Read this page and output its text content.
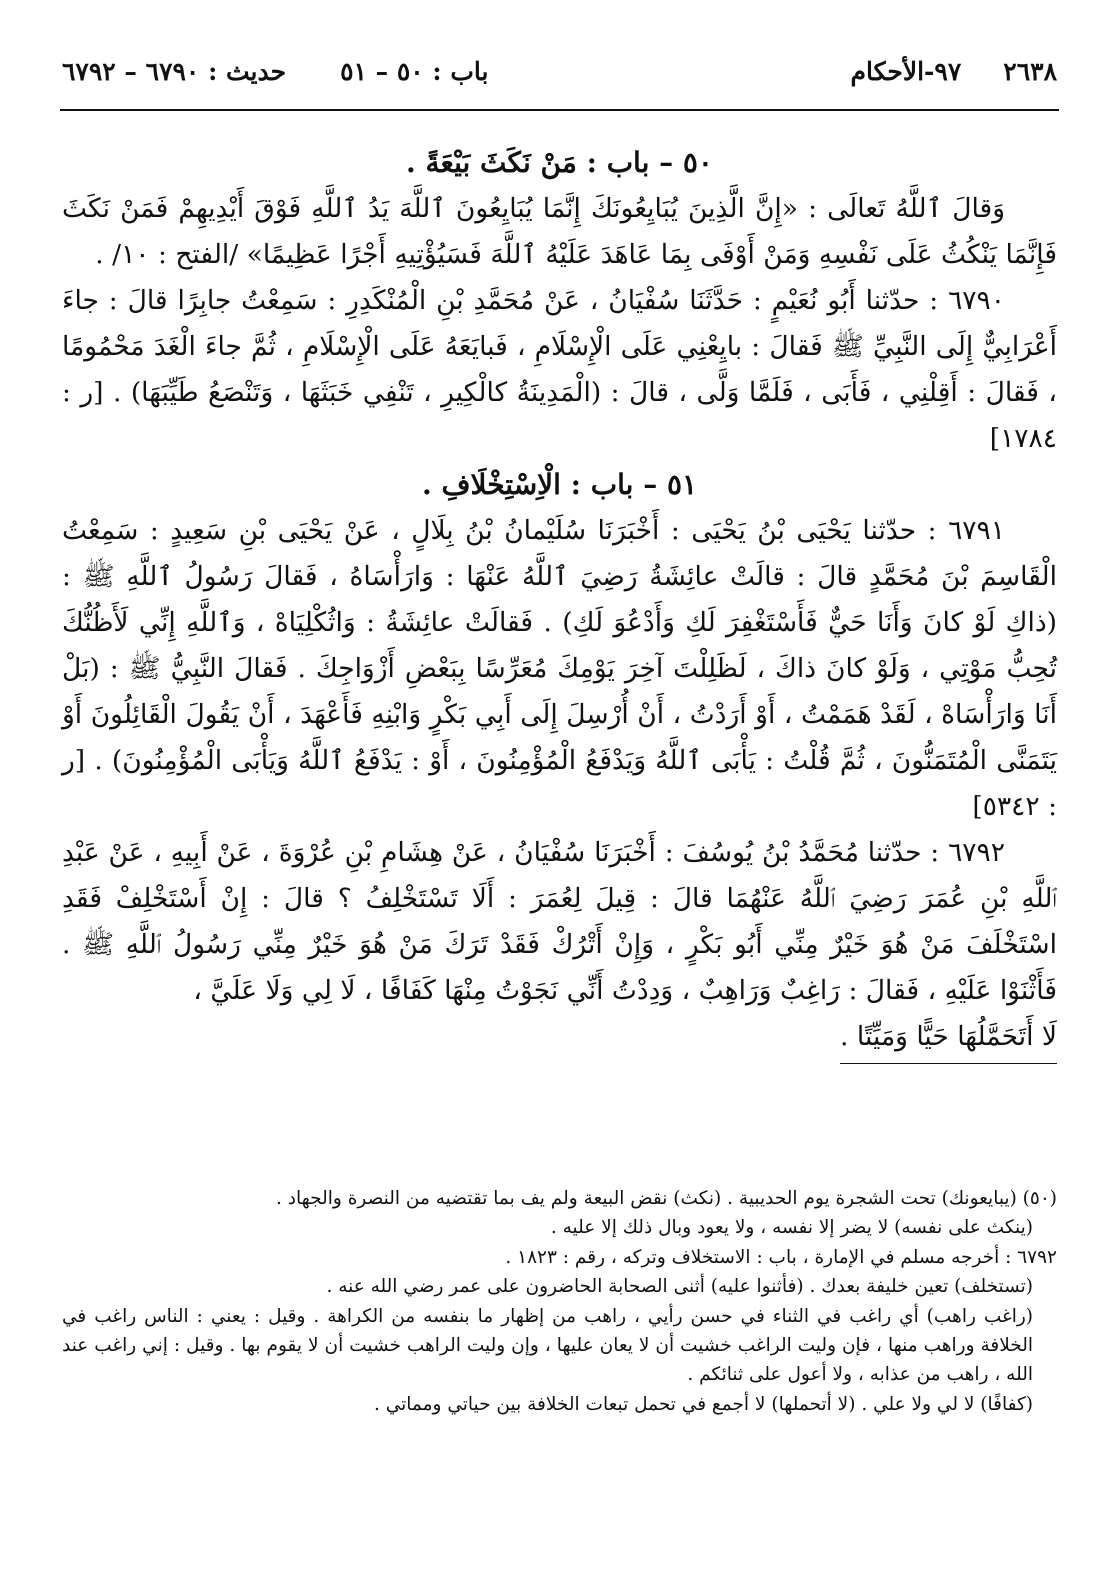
٢٦٣٨
٩٧-الأحكام
باب : ٥٠ – ٥١
حديث : ٦٧٩٠ – ٦٧٩٢

٥٠ – باب : مَنْ نَكَثَ بَيْعَةً .

وَقالَ ٱللَّهُ تَعالَى : «إِنَّ الَّذِينَ يُبَايِعُونَكَ إِنَّمَا يُبَايِعُونَ ٱللَّهَ يَدُ ٱللَّهِ فَوْقَ أَيْدِيهِمْ فَمَنْ نَكَثَ فَإِنَّمَا يَنْكُثُ عَلَى نَفْسِهِ وَمَنْ أَوْفَى بِمَا عَاهَدَ عَلَيْهُ ٱللَّهَ فَسَيُؤْتِيهِ أَجْرًا عَظِيمًا» /الفتح : ١٠/ .

٦٧٩٠ : حدّثنا أَبُو نُعَيْمٍ : حَدَّثَنَا سُفْيَانُ ، عَنْ مُحَمَّدِ بْنِ الْمُنْكَدِرِ : سَمِعْتُ جابِرًا قالَ : جاءَ أَعْرَابِيٌّ إِلَى النَّبِيِّ ﷺ فَقالَ : بايِعْنِي عَلَى الْإِسْلَامِ ، فَبايَعَهُ عَلَى الْإِسْلَامِ ، ثُمَّ جاءَ الْغَدَ مَحْمُومًا ، فَقالَ : أَقِلْنِي ، فَأَبَى ، فَلَمَّا وَلَّى ، قالَ : (الْمَدِينَةُ كالْكِيرِ ، تَنْفِي خَبَثَهَا ، وَتَنْصَعُ طَيِّبَهَا) . [ر : ١٧٨٤]

٥١ – باب : الْاِسْتِخْلَافِ .

٦٧٩١ : حدّثنا يَحْيَى بْنُ يَحْيَى : أَخْبَرَنَا سُلَيْمانُ بْنُ بِلَالٍ ، عَنْ يَحْيَى بْنِ سَعِيدٍ : سَمِعْتُ الْقَاسِمَ بْنَ مُحَمَّدٍ قالَ : قالَتْ عائِشَةُ رَضِيَ ٱللَّهُ عَنْهَا : وَارَأْسَاهُ ، فَقالَ رَسُولُ ٱللَّهِ ﷺ : (ذاكِ لَوْ كانَ وَأَنَا حَيٌّ فَأَسْتَغْفِرَ لَكِ وَأَدْعُوَ لَكِ) . فَقالَتْ عائِشَةُ : وَاثُكْلِيَاهْ ، وَٱللَّهِ إِنِّي لَأَظُنُّكَ تُحِبُّ مَوْتِي ، وَلَوْ كانَ ذاكَ ، لَظَلِلْتَ آخِرَ يَوْمِكَ مُعَرِّسًا بِبَعْضِ أَزْوَاجِكَ . فَقالَ النَّبِيُّ ﷺ : (بَلْ أَنَا وَارَأْسَاهْ ، لَقَدْ هَمَمْتُ ، أَوْ أَرَدْتُ ، أَنْ أُرْسِلَ إِلَى أَبِي بَكْرٍ وَابْنِهِ فَأَعْهَدَ ، أَنْ يَقُولَ الْقَائِلُونَ أَوْ يَتَمَنَّى الْمُتَمَنُّونَ ، ثُمَّ قُلْتُ : يَأْبَى ٱللَّهُ وَيَدْفَعُ الْمُؤْمِنُونَ ، أَوْ : يَدْفَعُ ٱللَّهُ وَيَأْبَى الْمُؤْمِنُونَ) . [ر : ٥٣٤٢]

٦٧٩٢ : حدّثنا مُحَمَّدُ بْنُ يُوسُفَ : أَخْبَرَنَا سُفْيَانُ ، عَنْ هِشَامِ بْنِ عُرْوَةَ ، عَنْ أَبِيهِ ، عَنْ عَبْدِ ٱللَّهِ بْنِ عُمَرَ رَضِيَ ٱللَّهُ عَنْهُمَا قالَ : قِيلَ لِعُمَرَ : أَلَا تَسْتَخْلِفُ ؟ قالَ : إِنْ أَسْتَخْلِفْ فَقَدِ اسْتَخْلَفَ مَنْ هُوَ خَيْرٌ مِنِّي أَبُو بَكْرٍ ، وَإِنْ أَتْرُكْ فَقَدْ تَرَكَ مَنْ هُوَ خَيْرٌ مِنِّي رَسُولُ ٱللَّهِ ﷺ . فَأَثْنَوْا عَلَيْهِ ، فَقالَ : رَاغِبٌ وَرَاهِبٌ ، وَدِدْتُ أَنِّي نَجَوْتُ مِنْهَا كَفَافًا ، لَا لِي وَلَا عَلَيَّ ،

لَا أَتَحَمَّلُهَا حَيًّا وَمَيِّتًا .

(٥٠) (يبايعونك) تحت الشجرة يوم الحديبية . (نكث) نقض البيعة ولم يف بما تقتضيه من النصرة والجهاد .

(ينكث على نفسه) لا يضر إلا نفسه ، ولا يعود وبال ذلك إلا عليه .

٦٧٩٢ : أخرجه مسلم في الإمارة ، باب : الاستخلاف وتركه ، رقم : ١٨٢٣ .

(تستخلف) تعين خليفة بعدك . (فأثنوا عليه) أثنى الصحابة الحاضرون على عمر رضي الله عنه .

(راغب راهب) أي راغب في الثناء في حسن رأيي ، راهب من إظهار ما بنفسه من الكراهة . وقيل : يعني : الناس راغب في الخلافة وراهب منها ، فإن وليت الراغب خشيت أن لا يعان عليها ، وإن وليت الراهب خشيت أن لا يقوم بها . وقيل : إني راغب عند الله ، راهب من عذابه ، ولا أعول على ثنائكم .

(كفافًا) لا لي ولا علي . (لا أتحملها) لا أجمع في تحمل تبعات الخلافة بين حياتي ومماتي .
